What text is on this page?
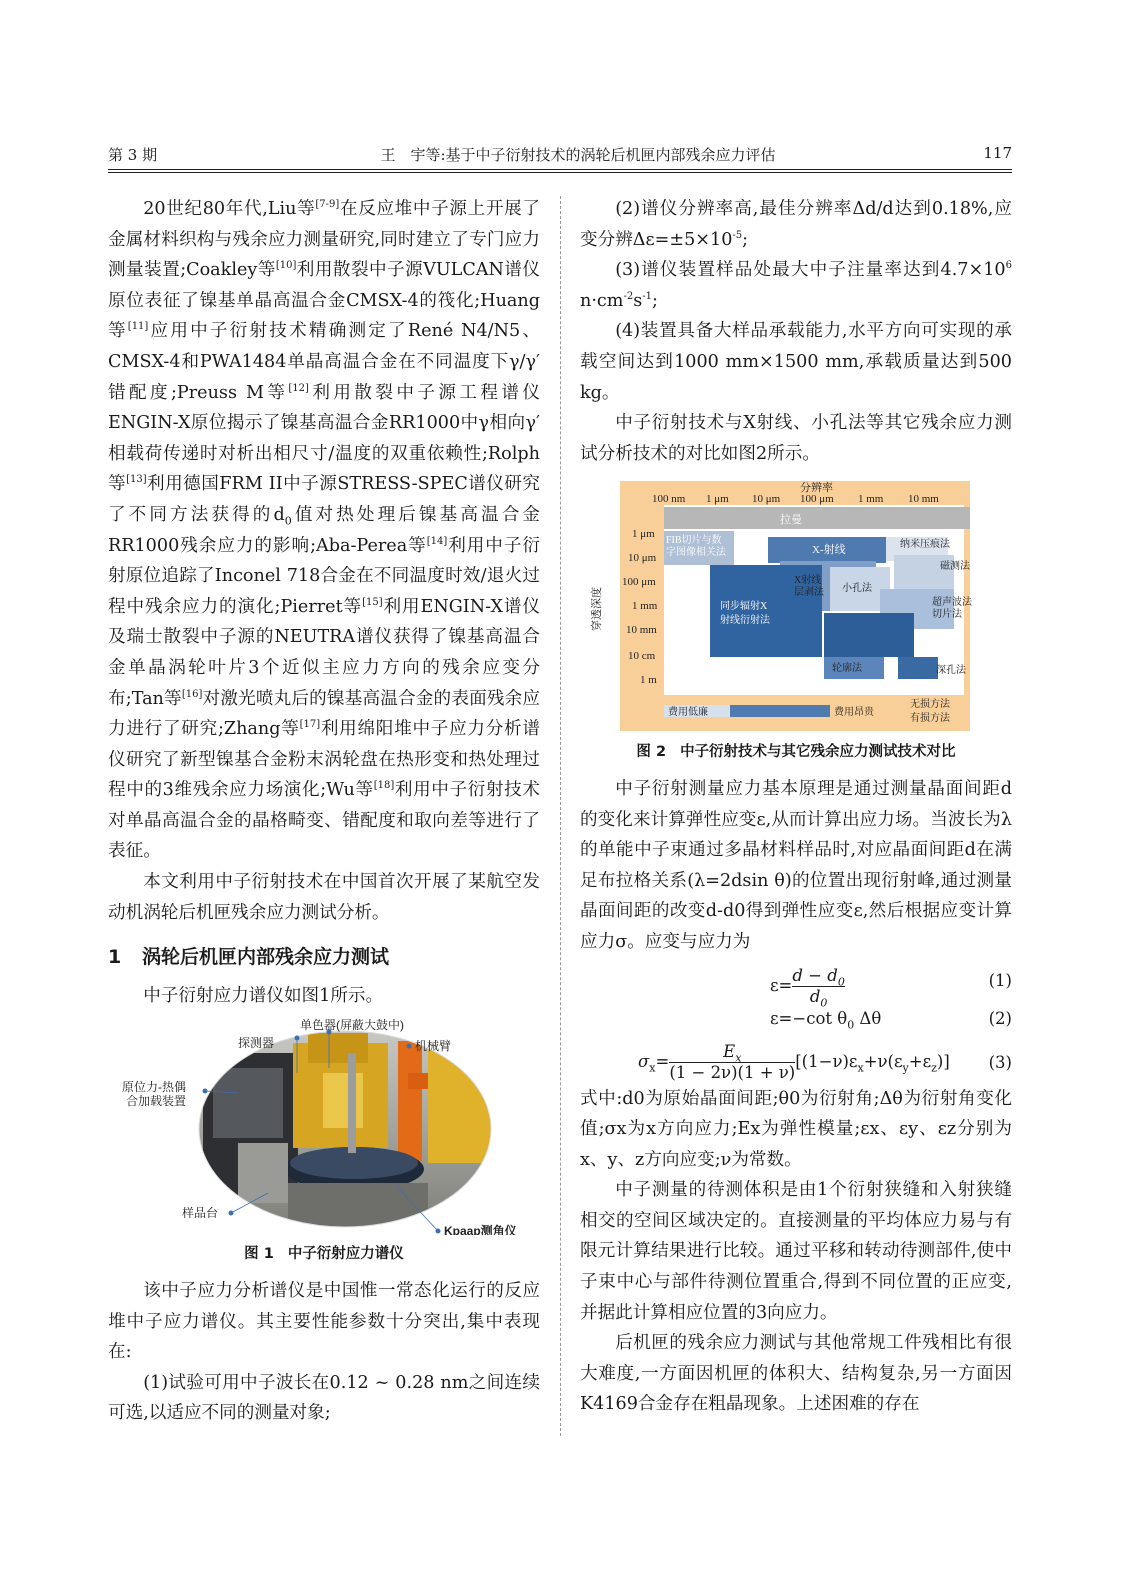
第 3 期	王　宇等:基于中子衍射技术的涡轮后机匣内部残余应力评估	117

20世纪80年代,Liu等[7-9]在反应堆中子源上开展了金属材料织构与残余应力测量研究,同时建立了专门应力测量装置;Coakley等[10]利用散裂中子源VULCAN谱仪原位表征了镍基单晶高温合金CMSX-4的筏化;Huang等[11]应用中子衍射技术精确测定了René N4/N5、CMSX-4和PWA1484单晶高温合金在不同温度下γ/γ′错配度;Preuss M等[12]利用散裂中子源工程谱仪ENGIN-X原位揭示了镍基高温合金RR1000中γ相向γ′相载荷传递时对析出相尺寸/温度的双重依赖性;Rolph等[13]利用德国FRM II中子源STRESS-SPEC谱仪研究了不同方法获得的$d_0$值对热处理后镍基高温合金RR1000残余应力的影响;Aba-Perea等[14]利用中子衍射原位追踪了Inconel 718合金在不同温度时效/退火过程中残余应力的演化;Pierret等[15]利用ENGIN-X谱仪及瑞士散裂中子源的NEUTRA谱仪获得了镍基高温合金单晶涡轮叶片3个近似主应力方向的残余应变分布;Tan等[16]对激光喷丸后的镍基高温合金的表面残余应力进行了研究;Zhang等[17]利用绵阳堆中子应力分析谱仪研究了新型镍基合金粉末涡轮盘在热形变和热处理过程中的3维残余应力场演化;Wu等[18]利用中子衍射技术对单晶高温合金的晶格畸变、错配度和取向差等进行了表征。

本文利用中子衍射技术在中国首次开展了某航空发动机涡轮后机匣残余应力测试分析。

1 涡轮后机匣内部残余应力测试

中子衍射应力谱仪如图1所示。

探测器
单色器(屏蔽大鼓中)
机械臂
原位力-热偶
合加载装置
样品台
Kpaap测角仪
图 1 中子衍射应力谱仪

该中子应力分析谱仪是中国惟一常态化运行的反应堆中子应力谱仪。其主要性能参数十分突出,集中表现在:

(1)试验可用中子波长在0.12 ~ 0.28 nm之间连续可选,以适应不同的测量对象;

(2)谱仪分辨率高,最佳分辨率Δd/d达到0.18%,应变分辨$\Delta\varepsilon=\pm 5\times 10^{-5}$;

(3)谱仪装置样品处最大中子注量率达到$4.7\times 10^6$ $n\cdot cm^{-2}s^{-1}$;

(4)装置具备大样品承载能力,水平方向可实现的承载空间达到1000 mm×1500 mm,承载质量达到500 kg。

中子衍射技术与X射线、小孔法等其它残余应力测试分析技术的对比如图2所示。

分辨率
100 nm 1 μm 10 μm 100 μm 1 mm 10 mm
1 μm
10 μm
100 μm
1 mm
10 mm
10 cm
1 m
穿透深度
拉曼
FIB切片与数
字图像相关法	X-射线	纳米压痕法
磁测法
X射线
层剥法 小孔法
超声波法
切片法
同步辐射X
射线衍射法
轮廓法	深孔法
费用低廉	费用昂贵
无损方法
有损方法
图 2 中子衍射技术与其它残余应力测试技术对比

中子衍射测量应力基本原理是通过测量晶面间距d的变化来计算弹性应变ε,从而计算出应力场。当波长为λ的单能中子束通过多晶材料样品时,对应晶面间距d在满足布拉格关系(λ=2dsin θ)的位置出现衍射峰,通过测量晶面间距的改变d-d0得到弹性应变ε,然后根据应变计算应力σ。应变与应力为

$\varepsilon= \frac{d - d_0}{d_0}$	(1)
ε=−cot $\theta_0$ Δθ	(2)
$\sigma_x= \frac{E_x}{(1 - 2\nu)(1 + \nu)} [(1-\nu)\varepsilon_x+\nu(\varepsilon_y+\varepsilon_z)]$ (3)

式中:d0为原始晶面间距;θ0为衍射角;Δθ为衍射角变化值;σx为x方向应力;Ex为弹性模量;εx、εy、εz分别为x、y、z方向应变;ν为常数。

中子测量的待测体积是由1个衍射狭缝和入射狭缝相交的空间区域决定的。直接测量的平均体应力易与有限元计算结果进行比较。通过平移和转动待测部件,使中子束中心与部件待测位置重合,得到不同位置的正应变,并据此计算相应位置的3向应力。

后机匣的残余应力测试与其他常规工件残相比有很大难度,一方面因机匣的体积大、结构复杂,另一方面因K4169合金存在粗晶现象。上述困难的存在
